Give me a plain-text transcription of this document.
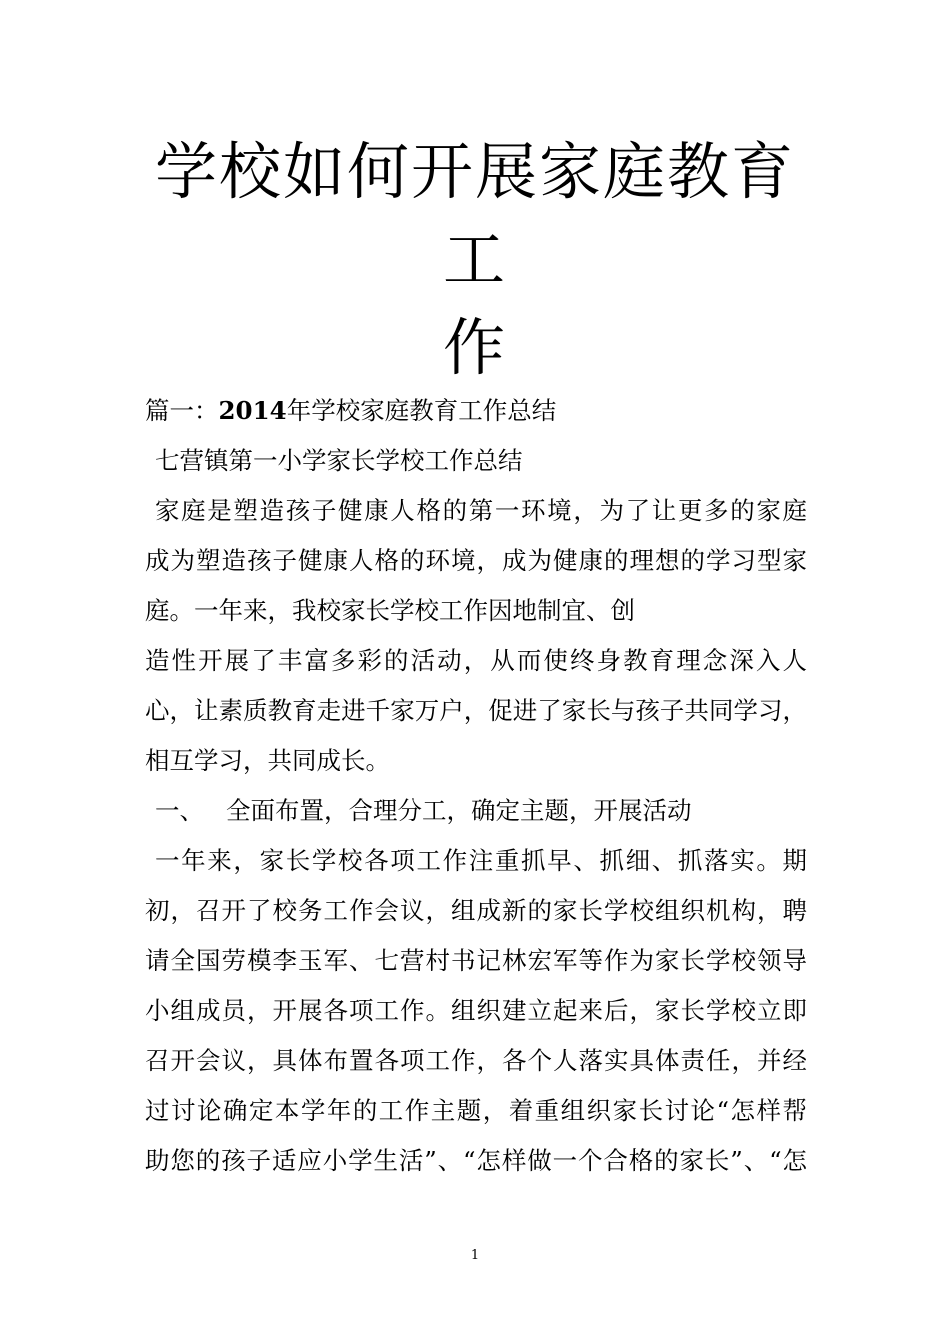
学校如何开展家庭教育工
作
篇一：2014年学校家庭教育工作总结
七营镇第一小学家长学校工作总结
家庭是塑造孩子健康人格的第一环境，为了让更多的家庭
成为塑造孩子健康人格的环境，成为健康的理想的学习型家
庭。一年来，我校家长学校工作因地制宜、创
造性开展了丰富多彩的活动，从而使终身教育理念深入人
心，让素质教育走进千家万户，促进了家长与孩子共同学习，
相互学习，共同成长。
一、 全面布置，合理分工，确定主题，开展活动
一年来，家长学校各项工作注重抓早、抓细、抓落实。期
初，召开了校务工作会议，组成新的家长学校组织机构，聘
请全国劳模李玉军、七营村书记林宏军等作为家长学校领导
小组成员，开展各项工作。组织建立起来后，家长学校立即
召开会议，具体布置各项工作，各个人落实具体责任，并经
过讨论确定本学年的工作主题，着重组织家长讨论“怎样帮
助您的孩子适应小学生活”、“怎样做一个合格的家长”、“怎
1
